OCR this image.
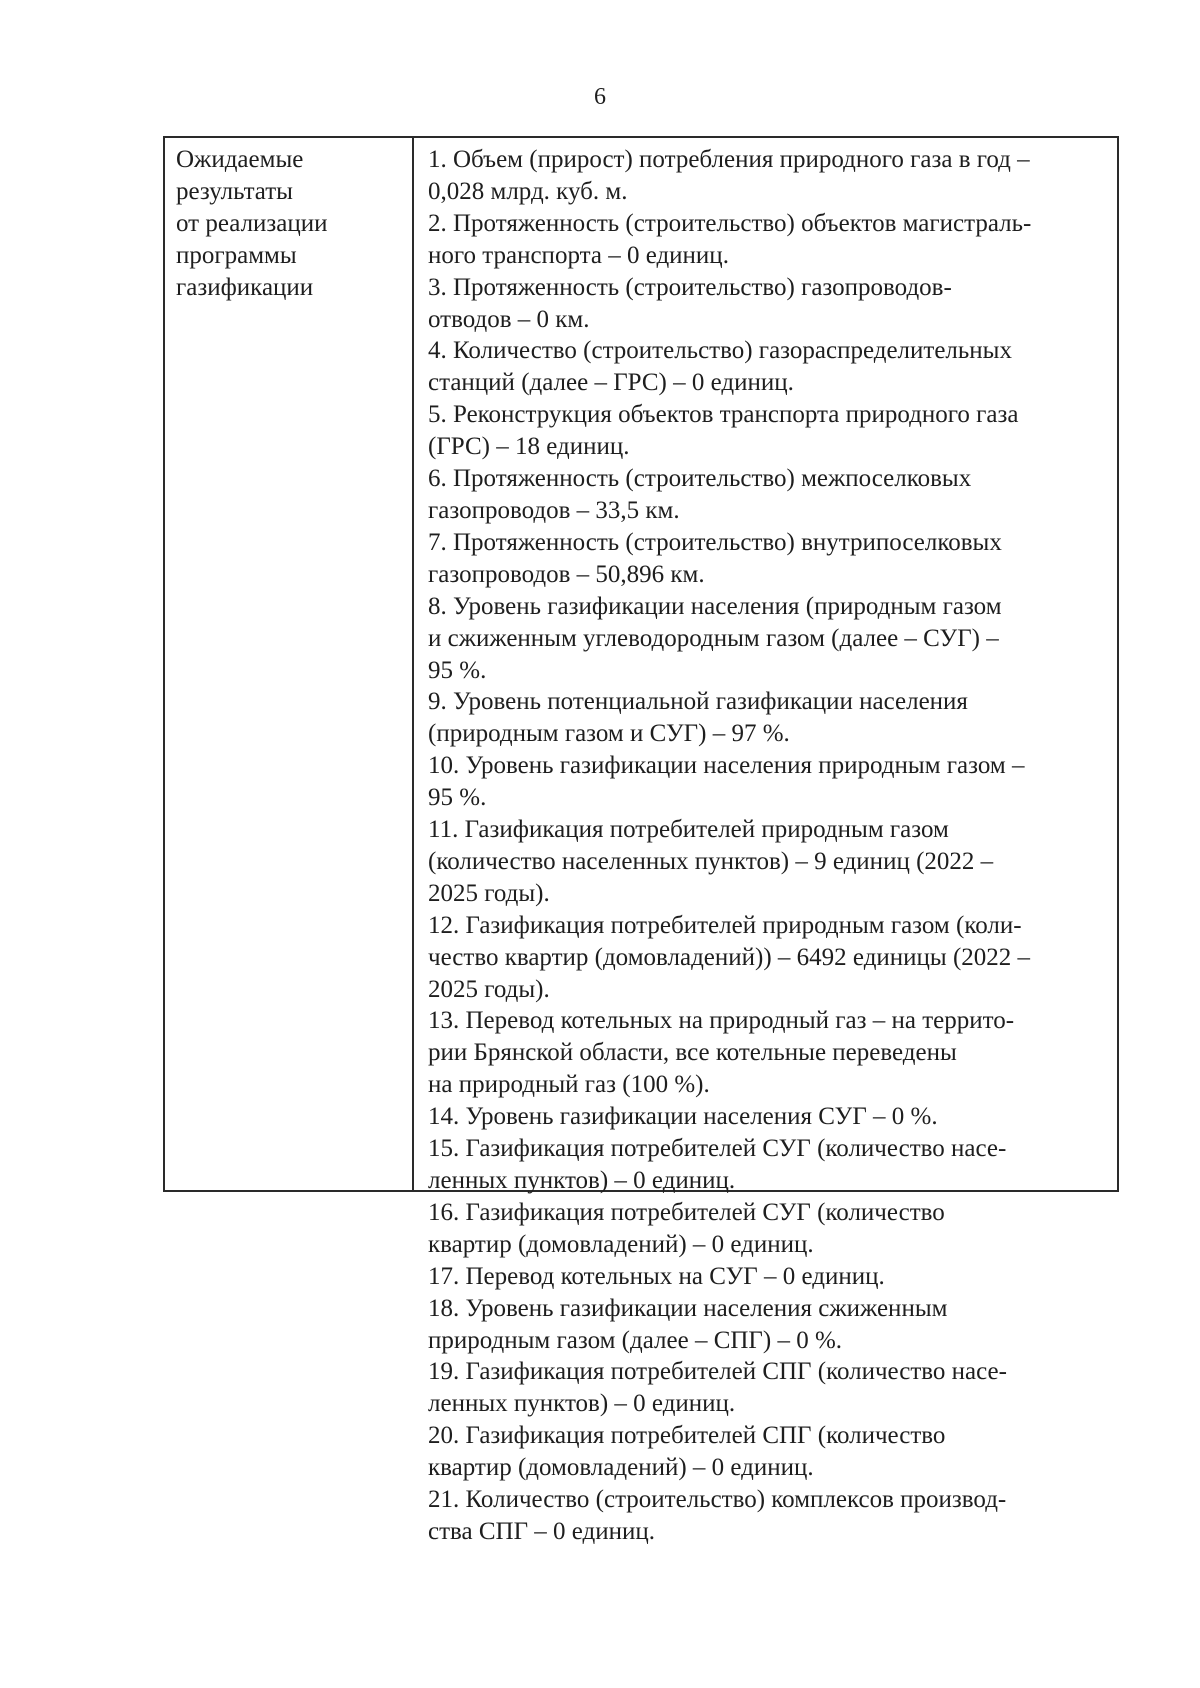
6
Ожидаемые
результаты
от реализации
программы
газификации
1. Объем (прирост) потребления природного газа в год –
0,028 млрд. куб. м.
2. Протяженность (строительство) объектов магистраль-
ного транспорта – 0 единиц.
3. Протяженность (строительство) газопроводов-
отводов – 0 км.
4. Количество (строительство) газораспределительных
станций (далее – ГРС) – 0 единиц.
5. Реконструкция объектов транспорта природного газа
(ГРС) – 18 единиц.
6. Протяженность (строительство) межпоселковых
газопроводов – 33,5 км.
7. Протяженность (строительство) внутрипоселковых
газопроводов – 50,896 км.
8. Уровень газификации населения (природным газом
и сжиженным углеводородным газом (далее – СУГ) –
95 %.
9. Уровень потенциальной газификации населения
(природным газом и СУГ) – 97 %.
10. Уровень газификации населения природным газом –
95 %.
11. Газификация потребителей природным газом
(количество населенных пунктов) – 9 единиц (2022 –
2025 годы).
12. Газификация потребителей природным газом (коли-
чество квартир (домовладений)) – 6492 единицы (2022 –
2025 годы).
13. Перевод котельных на природный газ – на террито-
рии Брянской области, все котельные переведены
на природный газ (100 %).
14. Уровень газификации населения СУГ – 0 %.
15. Газификация потребителей СУГ (количество насе-
ленных пунктов) – 0 единиц.
16. Газификация потребителей СУГ (количество
квартир (домовладений) – 0 единиц.
17. Перевод котельных на СУГ – 0 единиц.
18. Уровень газификации населения сжиженным
природным газом (далее – СПГ) – 0 %.
19. Газификация потребителей СПГ (количество насе-
ленных пунктов) – 0 единиц.
20. Газификация потребителей СПГ (количество
квартир (домовладений) – 0 единиц.
21. Количество (строительство) комплексов производ-
ства СПГ – 0 единиц.
